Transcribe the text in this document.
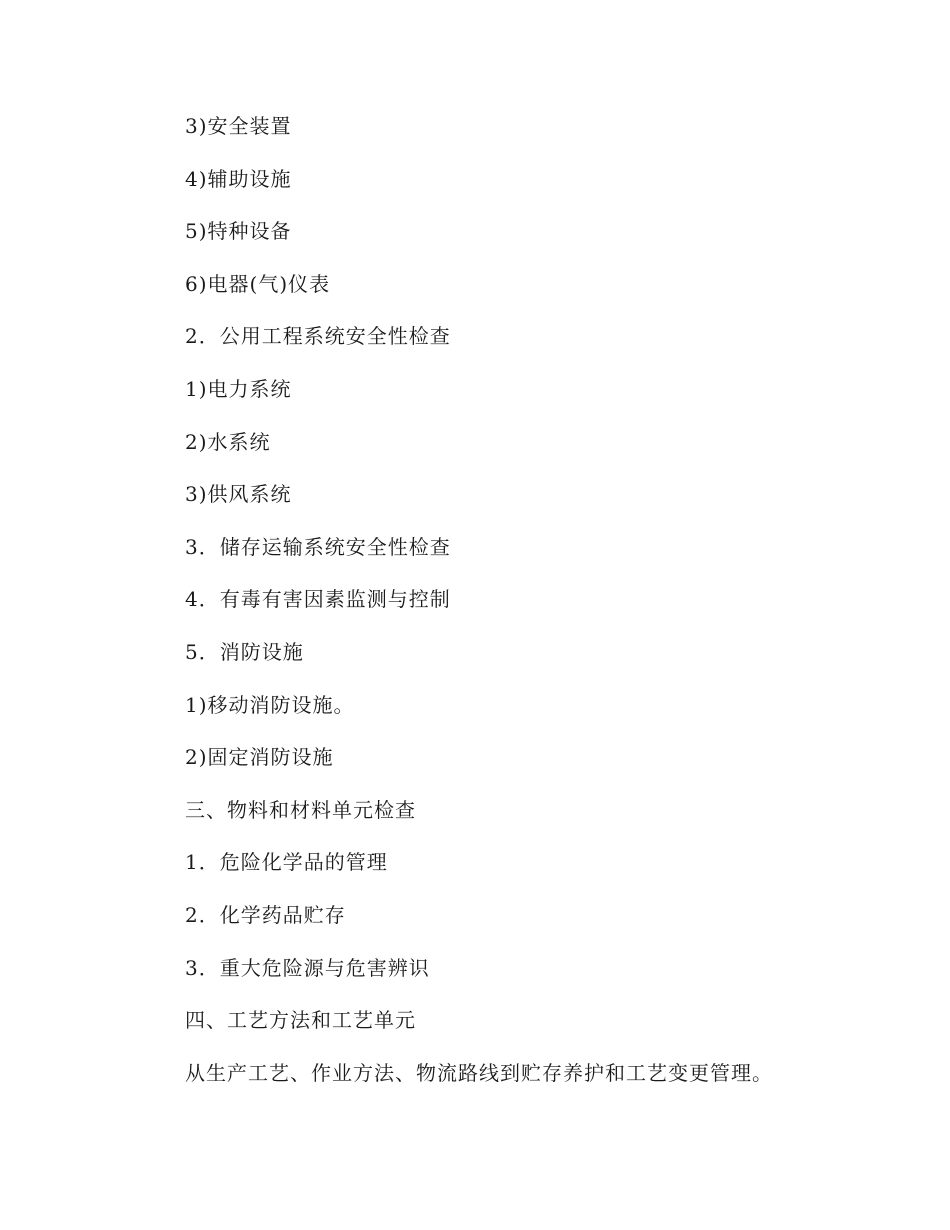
3)安全装置
4)辅助设施
5)特种设备
6)电器(气)仪表
2．公用工程系统安全性检查
1)电力系统
2)水系统
3)供风系统
3．储存运输系统安全性检查
4．有毒有害因素监测与控制
5．消防设施
1)移动消防设施。
2)固定消防设施
三、物料和材料单元检查
1．危险化学品的管理
2．化学药品贮存
3．重大危险源与危害辨识
四、工艺方法和工艺单元
从生产工艺、作业方法、物流路线到贮存养护和工艺变更管理。
